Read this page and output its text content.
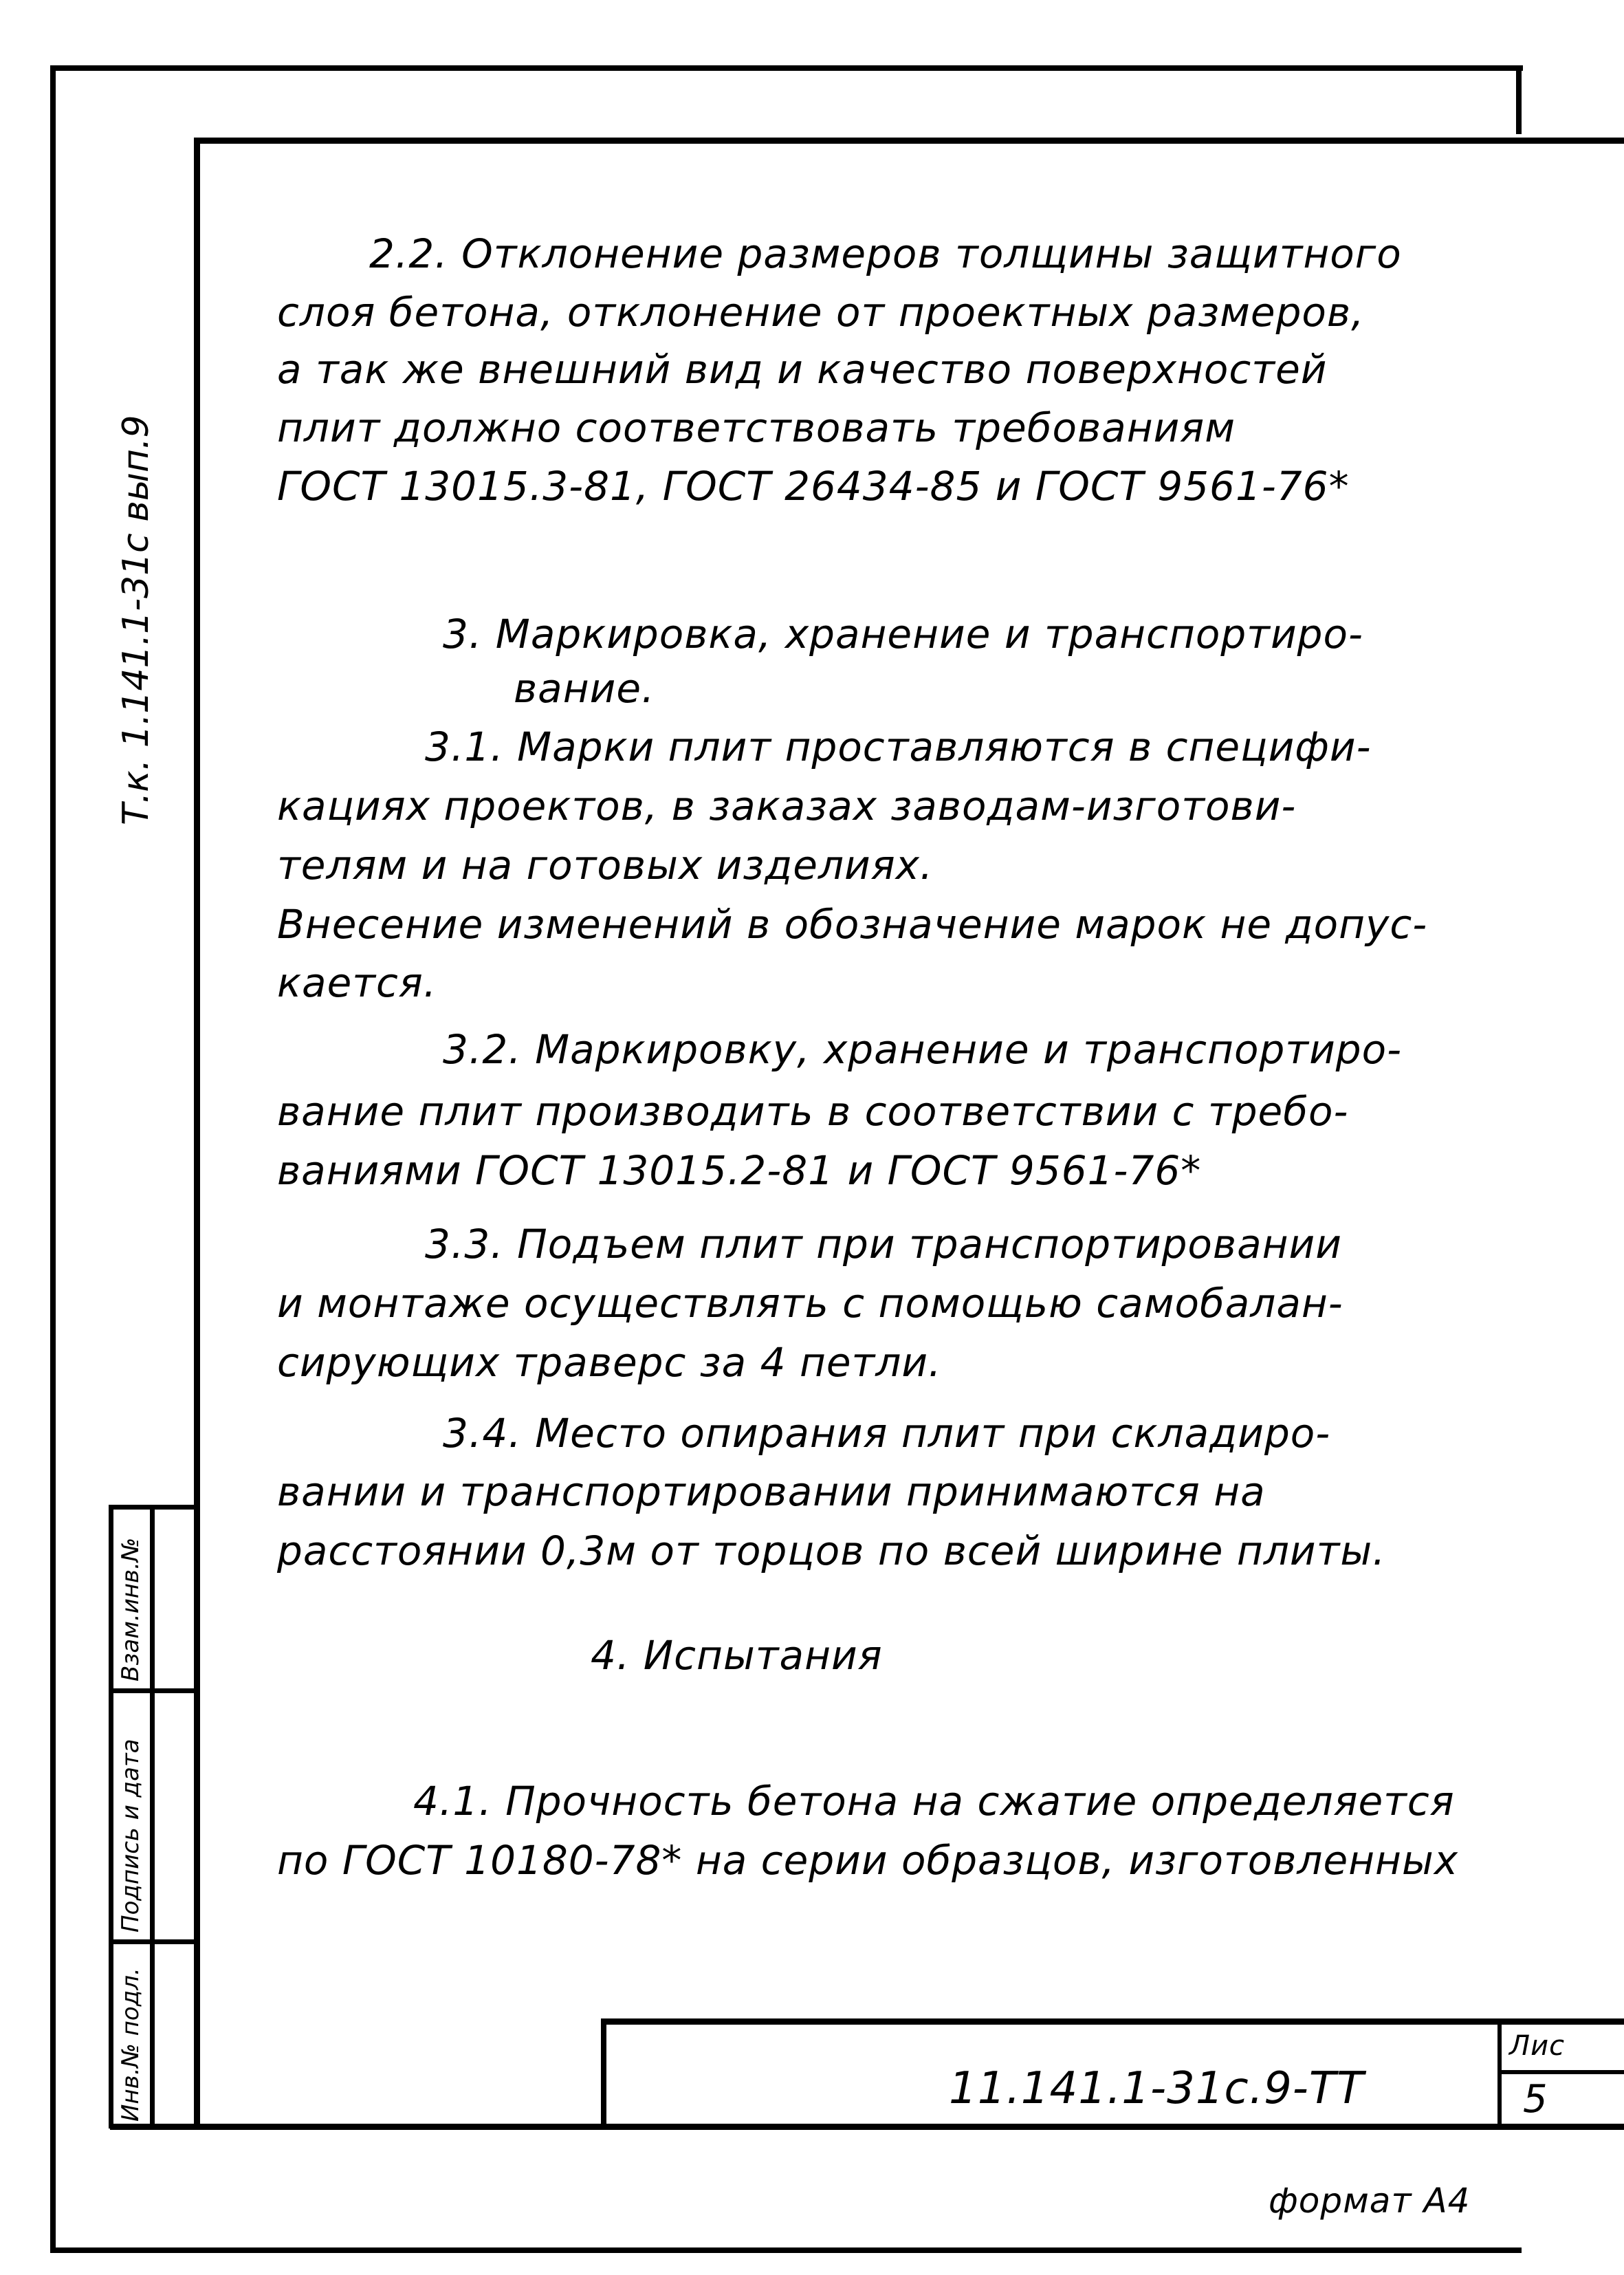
Т.к. 1.141.1-31с вып.9
Инв.№ подл.
Подпись и дата
Взам.инв.№
2.2. Отклонение размеров толщины защитного
слоя бетона, отклонение от проектных размеров,
а так же внешний вид и качество поверхностей
плит должно соответствовать требованиям
ГОСТ 13015.3-81, ГОСТ 26434-85 и ГОСТ 9561-76*
3. Маркировка, хранение и транспортиро-
вание.
3.1. Марки плит проставляются в специфи-
кациях проектов, в заказах заводам-изготови-
телям и на готовых изделиях.
Внесение изменений в обозначение марок не допус-
кается.
3.2. Маркировку, хранение и транспортиро-
вание плит производить в соответствии с требо-
ваниями ГОСТ 13015.2-81 и ГОСТ 9561-76*
3.3. Подъем плит при транспортировании
и монтаже осуществлять с помощью самобалан-
сирующих траверс за 4 петли.
3.4. Место опирания плит при складиро-
вании и транспортировании принимаются на
расстоянии 0,3м от торцов по всей ширине плиты.
4. Испытания
4.1. Прочность бетона на сжатие определяется
по ГОСТ 10180-78* на серии образцов, изготовленных
11.141.1-31с.9-ТТ
Лис
5
формат А4
